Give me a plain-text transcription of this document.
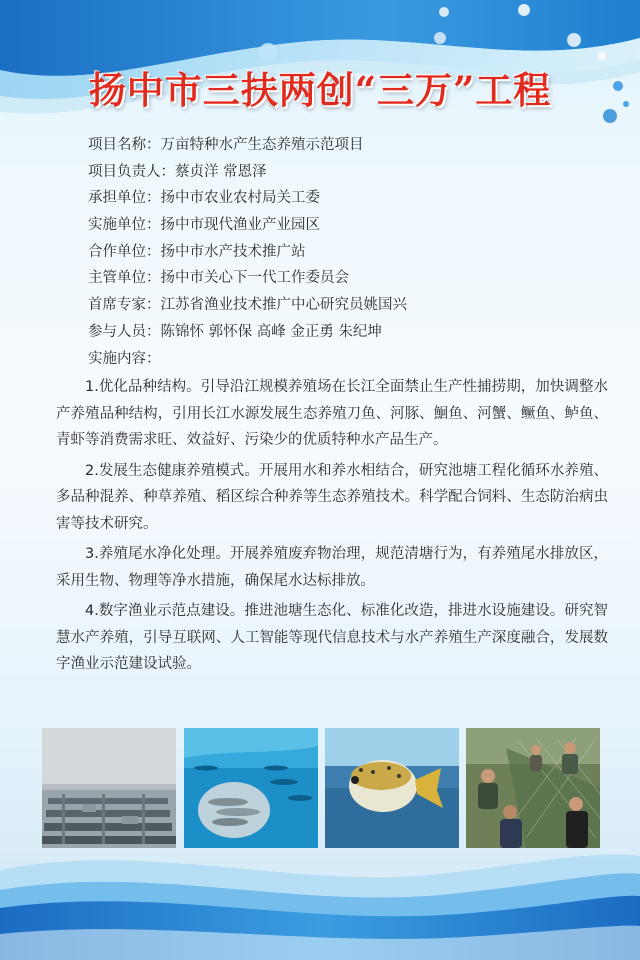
扬中市三扶两创“三万”工程
项目名称：万亩特种水产生态养殖示范项目
项目负责人：蔡贞洋 常恩泽
承担单位：扬中市农业农村局关工委
实施单位：扬中市现代渔业产业园区
合作单位：扬中市水产技术推广站
主管单位：扬中市关心下一代工作委员会
首席专家：江苏省渔业技术推广中心研究员姚国兴
参与人员：陈锦怀 郭怀保 高峰 金正勇 朱纪坤
实施内容：

1.优化品种结构。引导沿江规模养殖场在长江全面禁止生产性捕捞期，加快调整水产养殖品种结构，引用长江水源发展生态养殖刀鱼、河豚、鮰鱼、河蟹、鳜鱼、鲈鱼、青虾等消费需求旺、效益好、污染少的优质特种水产品生产。

2.发展生态健康养殖模式。开展用水和养水相结合，研究池塘工程化循环水养殖、多品种混养、种草养殖、稻区综合种养等生态养殖技术。科学配合饲料、生态防治病虫害等技术研究。

3.养殖尾水净化处理。开展养殖废弃物治理，规范清塘行为，有养殖尾水排放区，采用生物、物理等净水措施，确保尾水达标排放。

4.数字渔业示范点建设。推进池塘生态化、标准化改造，排进水设施建设。研究智慧水产养殖，引导互联网、人工智能等现代信息技术与水产养殖生产深度融合，发展数字渔业示范建设试验。
